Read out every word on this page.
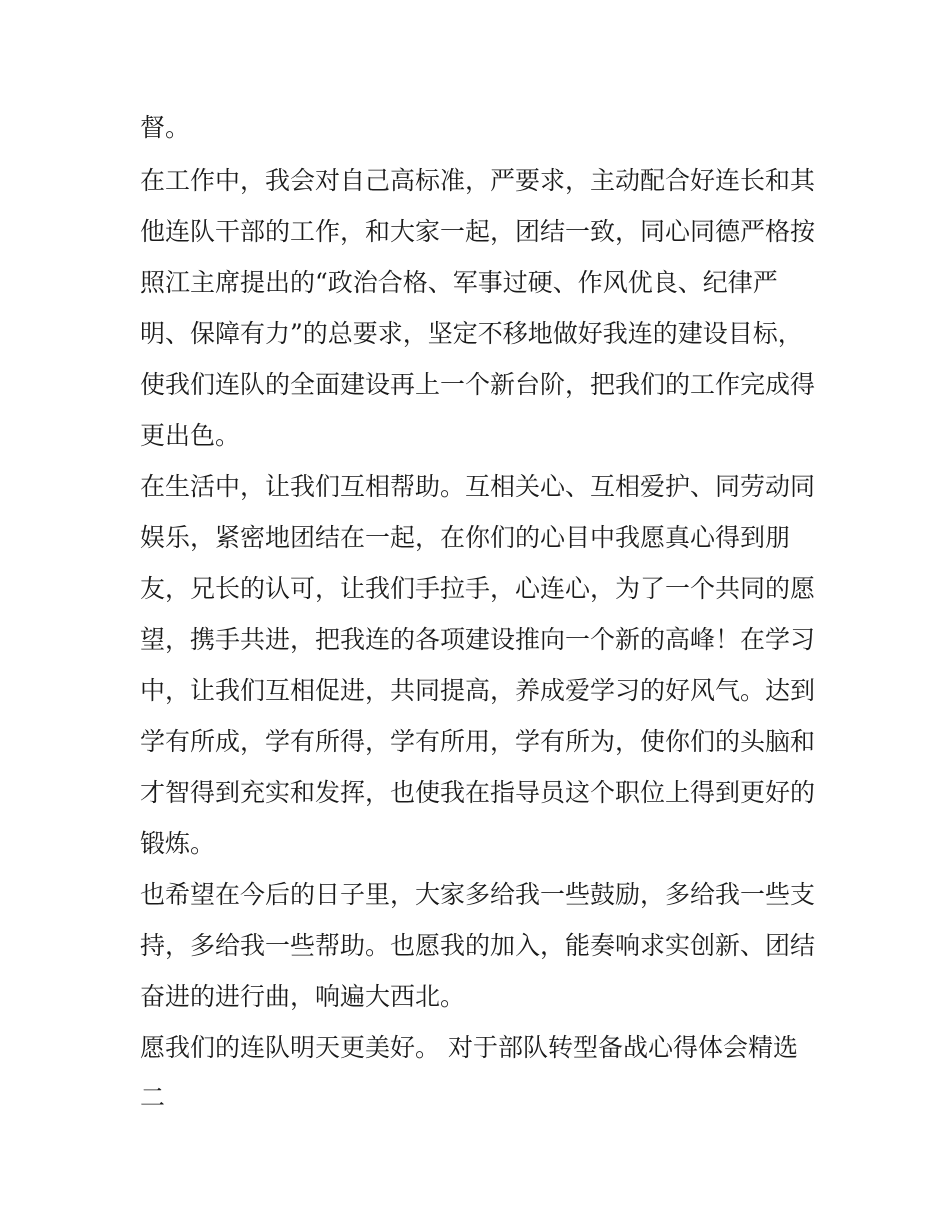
督。
在工作中，我会对自己高标准，严要求，主动配合好连长和其
他连队干部的工作，和大家一起，团结一致，同心同德严格按
照江主席提出的“政治合格、军事过硬、作风优良、纪律严
明、保障有力”的总要求，坚定不移地做好我连的建设目标，
使我们连队的全面建设再上一个新台阶，把我们的工作完成得
更出色。
在生活中，让我们互相帮助。互相关心、互相爱护、同劳动同
娱乐，紧密地团结在一起，在你们的心目中我愿真心得到朋
友，兄长的认可，让我们手拉手，心连心，为了一个共同的愿
望，携手共进，把我连的各项建设推向一个新的高峰！在学习
中，让我们互相促进，共同提高，养成爱学习的好风气。达到
学有所成，学有所得，学有所用，学有所为，使你们的头脑和
才智得到充实和发挥，也使我在指导员这个职位上得到更好的
锻炼。
也希望在今后的日子里，大家多给我一些鼓励，多给我一些支
持，多给我一些帮助。也愿我的加入，能奏响求实创新、团结
奋进的进行曲，响遍大西北。
愿我们的连队明天更美好。 对于部队转型备战心得体会精选
二
